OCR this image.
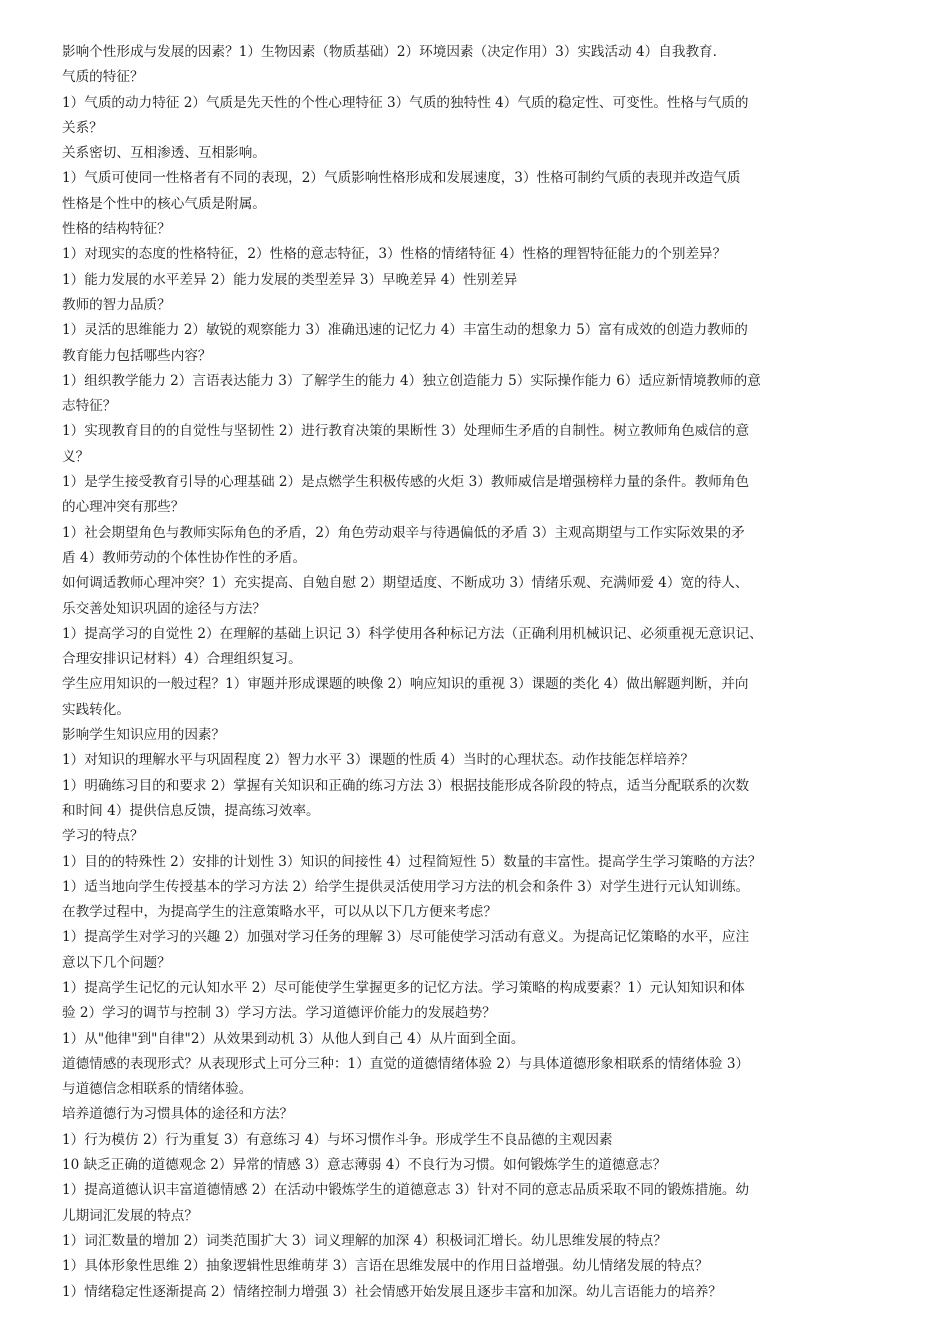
影响个性形成与发展的因素？1）生物因素（物质基础）2）环境因素（决定作用）3）实践活动 4）自我教育.
气质的特征？
1）气质的动力特征 2）气质是先天性的个性心理特征 3）气质的独特性 4）气质的稳定性、可变性。性格与气质的
关系？
关系密切、互相渗透、互相影响。
1）气质可使同一性格者有不同的表现，2）气质影响性格形成和发展速度，3）性格可制约气质的表现并改造气质
性格是个性中的核心气质是附属。
性格的结构特征？
1）对现实的态度的性格特征，2）性格的意志特征，3）性格的情绪特征 4）性格的理智特征能力的个别差异？
1）能力发展的水平差异 2）能力发展的类型差异 3）早晚差异 4）性别差异
教师的智力品质？
1）灵活的思维能力 2）敏锐的观察能力 3）准确迅速的记忆力 4）丰富生动的想象力 5）富有成效的创造力教师的
教育能力包括哪些内容？
1）组织教学能力 2）言语表达能力 3）了解学生的能力 4）独立创造能力 5）实际操作能力 6）适应新情境教师的意
志特征？
1）实现教育目的的自觉性与坚韧性 2）进行教育决策的果断性 3）处理师生矛盾的自制性。树立教师角色威信的意
义？
1）是学生接受教育引导的心理基础 2）是点燃学生积极传感的火炬 3）教师威信是增强榜样力量的条件。教师角色
的心理冲突有那些？
1）社会期望角色与教师实际角色的矛盾，2）角色劳动艰辛与待遇偏低的矛盾 3）主观高期望与工作实际效果的矛
盾 4）教师劳动的个体性协作性的矛盾。
如何调适教师心理冲突？1）充实提高、自勉自慰 2）期望适度、不断成功 3）情绪乐观、充满师爱 4）宽的待人、
乐交善处知识巩固的途径与方法？
1）提高学习的自觉性 2）在理解的基础上识记 3）科学使用各种标记方法（正确利用机械识记、必须重视无意识记、
合理安排识记材料）4）合理组织复习。
学生应用知识的一般过程？1）审题并形成课题的映像 2）响应知识的重视 3）课题的类化 4）做出解题判断，并向
实践转化。
影响学生知识应用的因素？
1）对知识的理解水平与巩固程度 2）智力水平 3）课题的性质 4）当时的心理状态。动作技能怎样培养？
1）明确练习目的和要求 2）掌握有关知识和正确的练习方法 3）根据技能形成各阶段的特点，适当分配联系的次数
和时间 4）提供信息反馈，提高练习效率。
学习的特点？
1）目的的特殊性 2）安排的计划性 3）知识的间接性 4）过程简短性 5）数量的丰富性。提高学生学习策略的方法？
1）适当地向学生传授基本的学习方法 2）给学生提供灵活使用学习方法的机会和条件 3）对学生进行元认知训练。
在教学过程中，为提高学生的注意策略水平，可以从以下几方便来考虑？
1）提高学生对学习的兴趣 2）加强对学习任务的理解 3）尽可能使学习活动有意义。为提高记忆策略的水平，应注
意以下几个问题？
1）提高学生记忆的元认知水平 2）尽可能使学生掌握更多的记忆方法。学习策略的构成要素？1）元认知知识和体
验 2）学习的调节与控制 3）学习方法。学习道德评价能力的发展趋势？
1）从"他律"到"自律"2）从效果到动机 3）从他人到自己 4）从片面到全面。
道德情感的表现形式？从表现形式上可分三种：1）直觉的道德情绪体验 2）与具体道德形象相联系的情绪体验 3）
与道德信念相联系的情绪体验。
培养道德行为习惯具体的途径和方法？
1）行为模仿 2）行为重复 3）有意练习 4）与坏习惯作斗争。形成学生不良品德的主观因素
10 缺乏正确的道德观念 2）异常的情感 3）意志薄弱 4）不良行为习惯。如何锻炼学生的道德意志？
1）提高道德认识丰富道德情感 2）在活动中锻炼学生的道德意志 3）针对不同的意志品质采取不同的锻炼措施。幼
儿期词汇发展的特点？
1）词汇数量的增加 2）词类范围扩大 3）词义理解的加深 4）积极词汇增长。幼儿思维发展的特点？
1）具体形象性思维 2）抽象逻辑性思维萌芽 3）言语在思维发展中的作用日益增强。幼儿情绪发展的特点？
1）情绪稳定性逐渐提高 2）情绪控制力增强 3）社会情感开始发展且逐步丰富和加深。幼儿言语能力的培养？
